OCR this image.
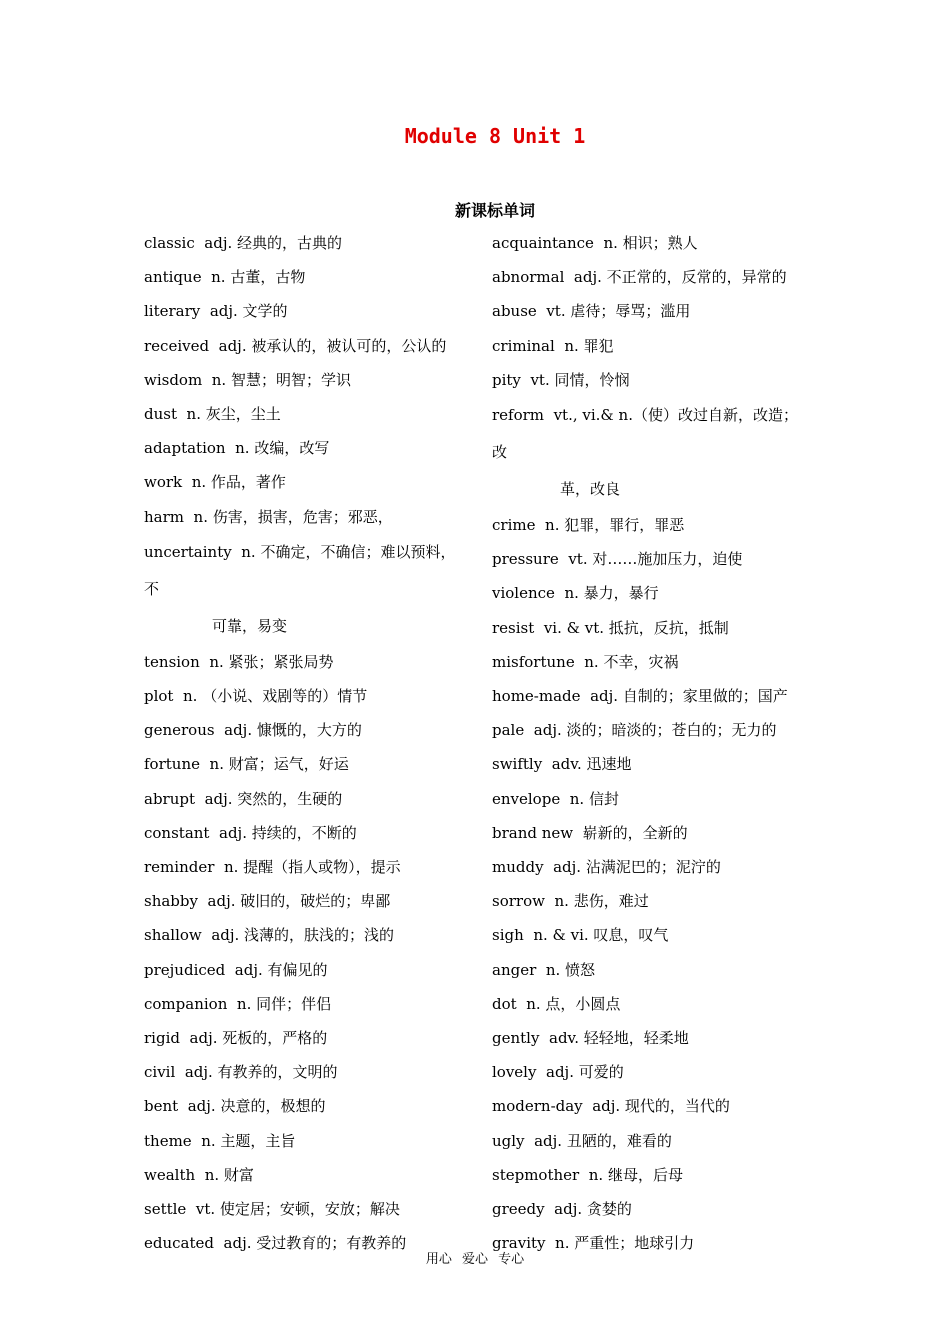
Module 8 Unit 1
新课标单词
classic adj. 经典的，古典的
antique n. 古董，古物
literary adj. 文学的
received adj. 被承认的，被认可的，公认的
wisdom n. 智慧；明智；学识
dust n. 灰尘，尘土
adaptation n. 改编，改写
work n. 作品，著作
harm n. 伤害，损害，危害；邪恶，
uncertainty n. 不确定，不确信；难以预料，不
可靠，易变
tension n. 紧张；紧张局势
plot n. （小说、戏剧等的）情节
generous adj. 慷慨的，大方的
fortune n. 财富；运气，好运
abrupt adj. 突然的，生硬的
constant adj. 持续的，不断的
reminder n. 提醒（指人或物），提示
shabby adj. 破旧的，破烂的；卑鄙
shallow adj. 浅薄的，肤浅的；浅的
prejudiced adj. 有偏见的
companion n. 同伴；伴侣
rigid adj. 死板的，严格的
civil adj. 有教养的，文明的
bent adj. 决意的，极想的
theme n. 主题，主旨
wealth n. 财富
settle vt. 使定居；安顿，安放；解决
educated adj. 受过教育的；有教养的
acquaintance n. 相识；熟人
abnormal adj. 不正常的，反常的，异常的
abuse vt. 虐待；辱骂；滥用
criminal n. 罪犯
pity vt. 同情，怜悯
reform vt., vi.& n.（使）改过自新，改造；改
革，改良
crime n. 犯罪，罪行，罪恶
pressure vt. 对……施加压力，迫使
violence n. 暴力，暴行
resist vi. & vt. 抵抗，反抗，抵制
misfortune n. 不幸，灾祸
home-made adj. 自制的；家里做的；国产
pale adj. 淡的；暗淡的；苍白的；无力的
swiftly adv. 迅速地
envelope n. 信封
brand new 崭新的，全新的
muddy adj. 沾满泥巴的；泥泞的
sorrow n. 悲伤，难过
sigh n. & vi. 叹息，叹气
anger  n. 愤怒
dot n. 点，小圆点
gently adv. 轻轻地，轻柔地
lovely adj. 可爱的
modern-day adj. 现代的，当代的
ugly adj. 丑陋的，难看的
stepmother n. 继母，后母
greedy adj. 贪婪的
gravity n. 严重性；地球引力
用心 爱心 专心
